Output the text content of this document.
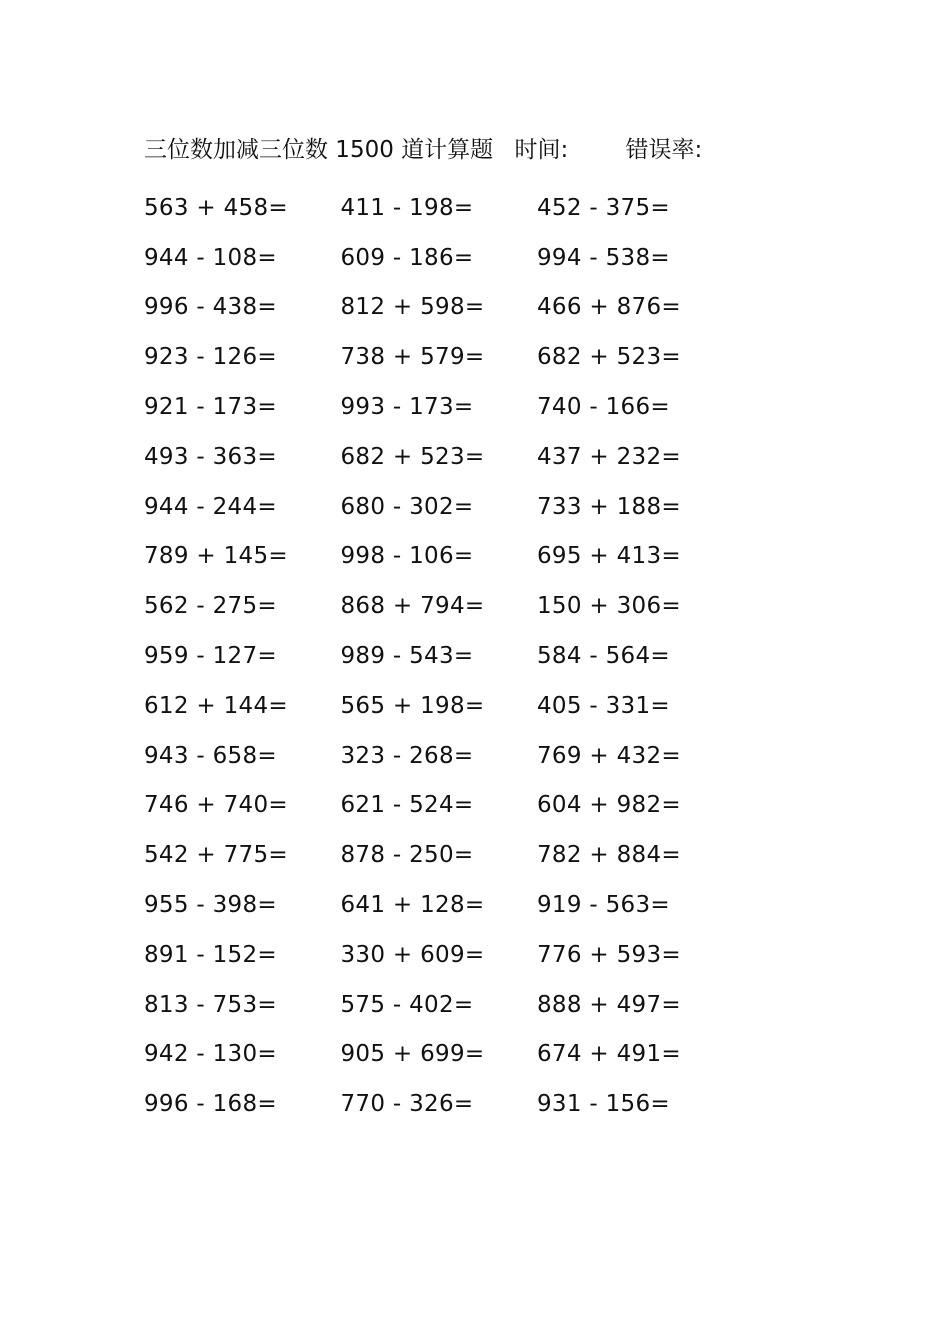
三位数加减三位数 1500 道计算题 时间: 错误率:
563 + 458=	411 - 198=	452 - 375=
944 - 108=	609 - 186=	994 - 538=
996 - 438=	812 + 598=	466 + 876=
923 - 126=	738 + 579=	682 + 523=
921 - 173=	993 - 173=	740 - 166=
493 - 363=	682 + 523=	437 + 232=
944 - 244=	680 - 302=	733 + 188=
789 + 145=	998 - 106=	695 + 413=
562 - 275=	868 + 794=	150 + 306=
959 - 127=	989 - 543=	584 - 564=
612 + 144=	565 + 198=	405 - 331=
943 - 658=	323 - 268=	769 + 432=
746 + 740=	621 - 524=	604 + 982=
542 + 775=	878 - 250=	782 + 884=
955 - 398=	641 + 128=	919 - 563=
891 - 152=	330 + 609=	776 + 593=
813 - 753=	575 - 402=	888 + 497=
942 - 130=	905 + 699=	674 + 491=
996 - 168=	770 - 326=	931 - 156=
